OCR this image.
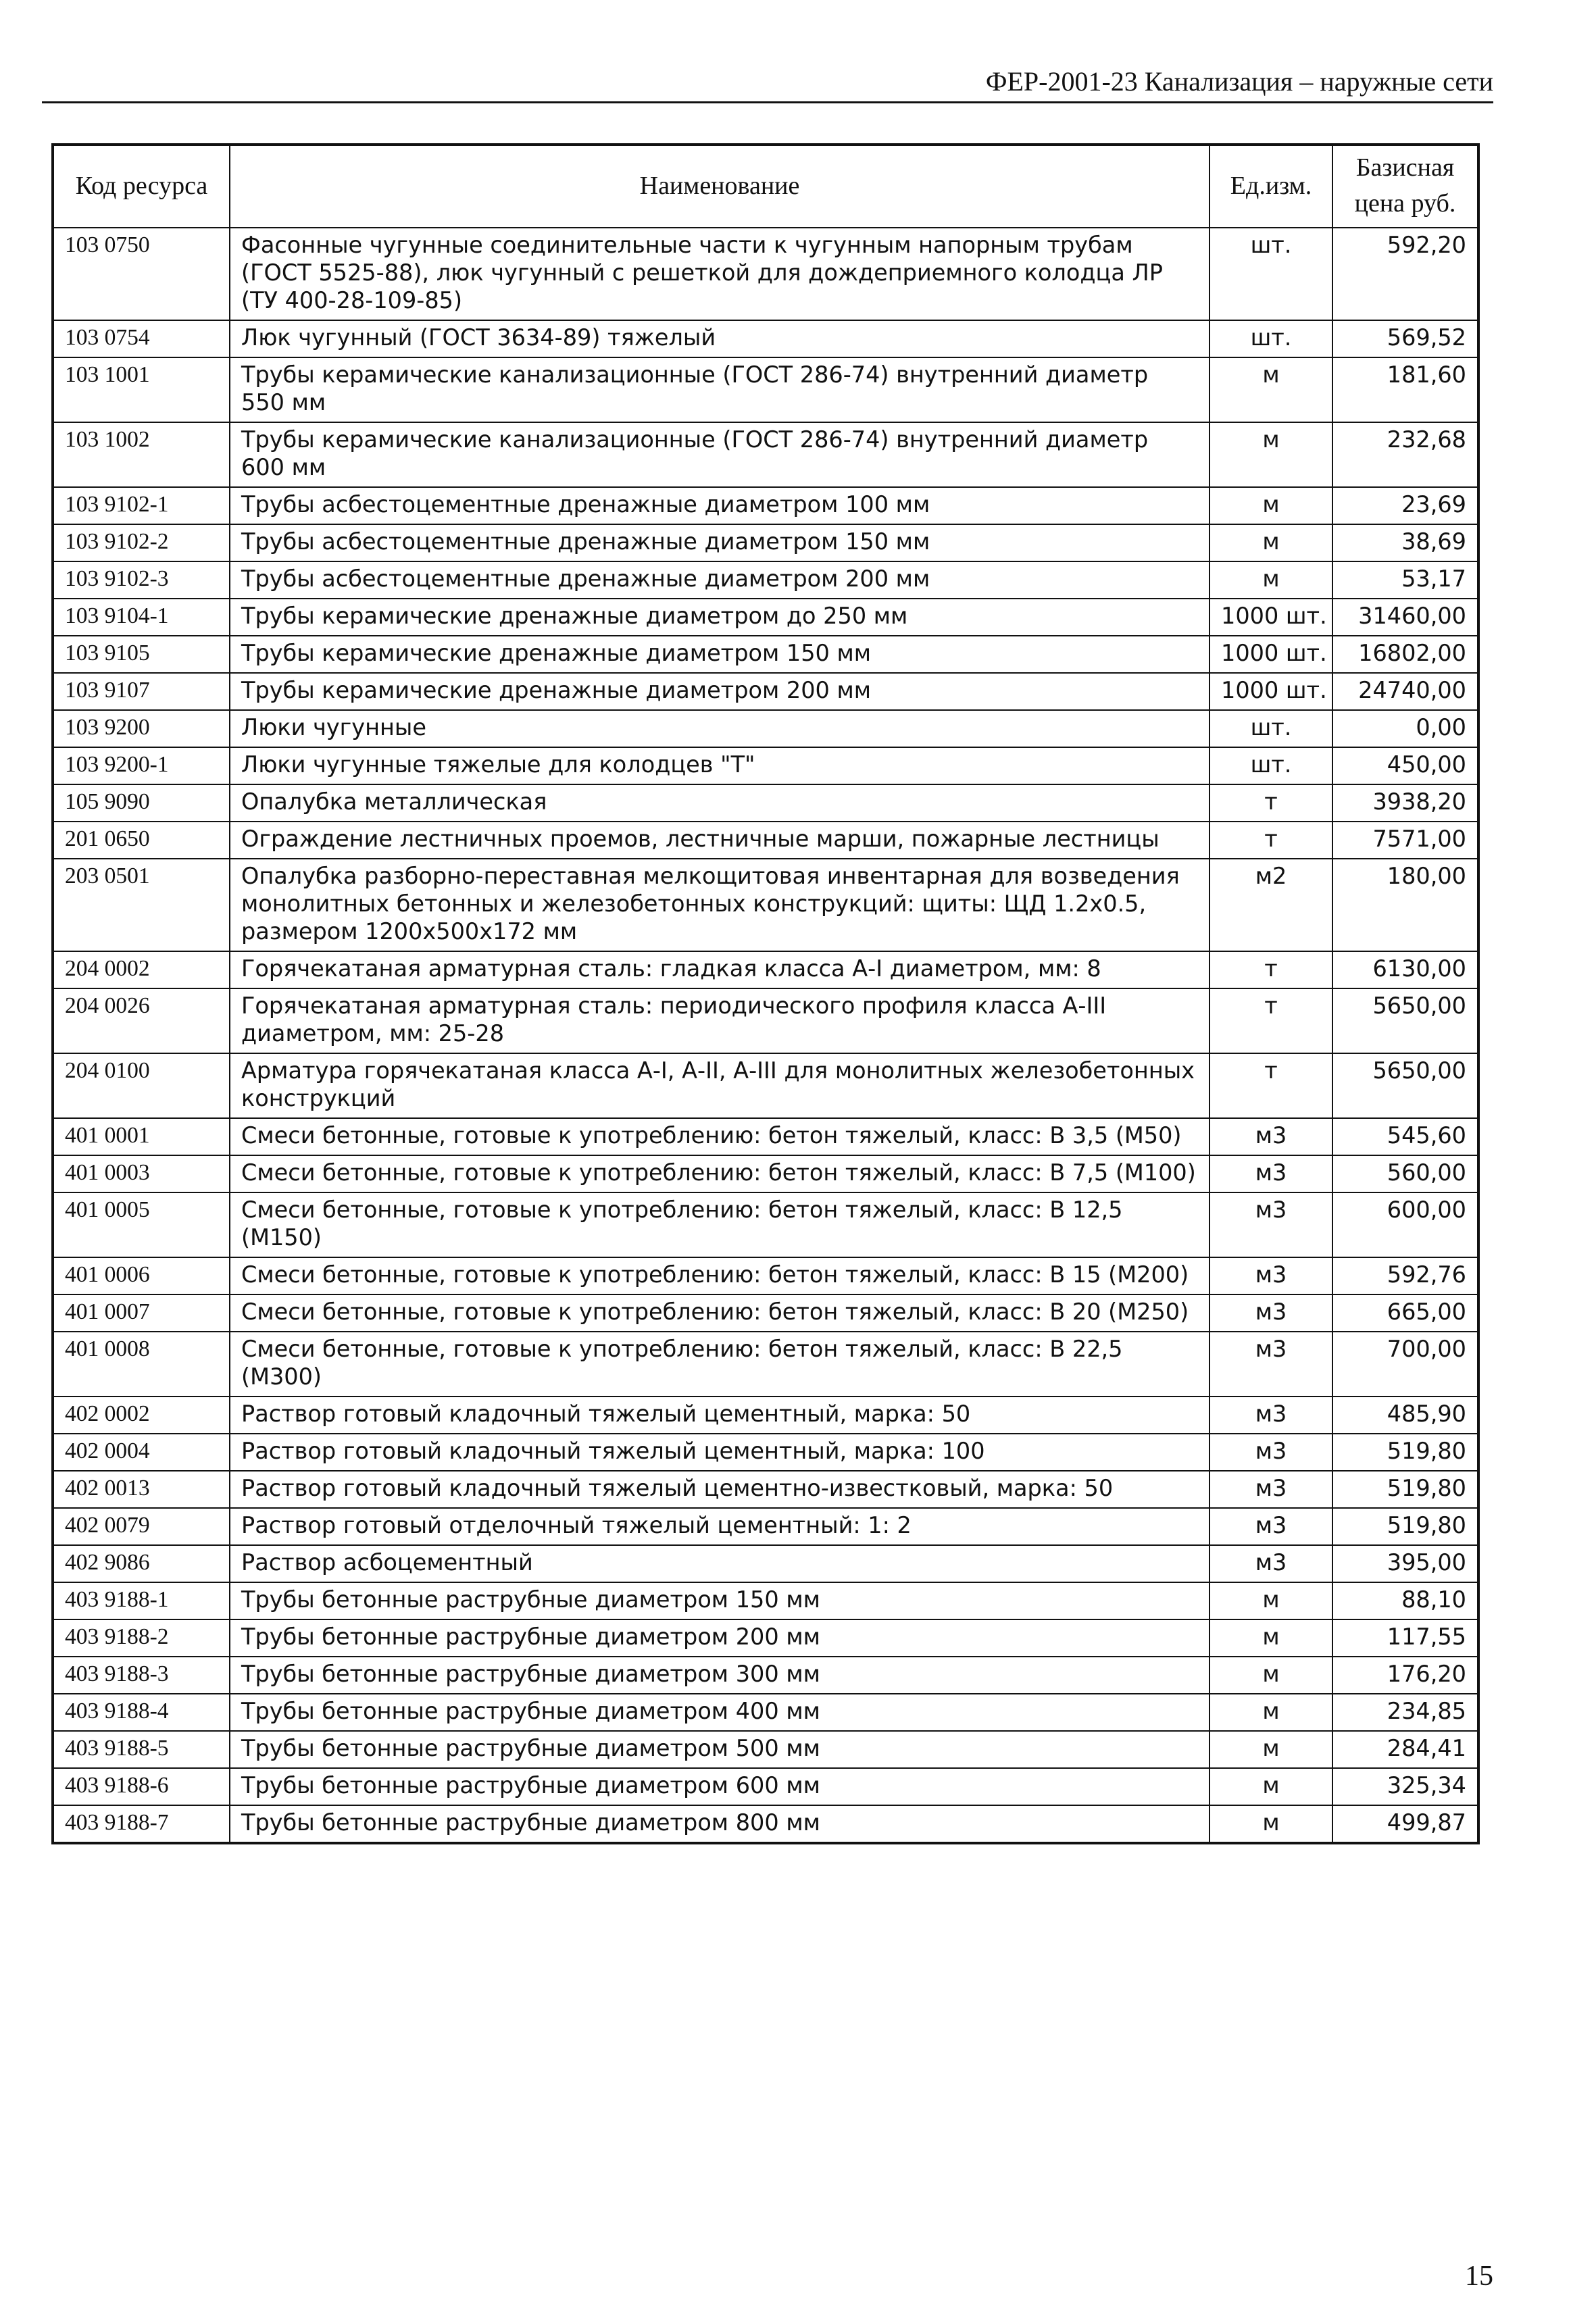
ФЕР-2001-23 Канализация – наружные сети
Код ресурса	Наименование	Ед.изм.	Базисная цена руб.
103 0750	Фасонные чугунные соединительные части к чугунным напорным трубам (ГОСТ 5525-88), люк чугунный с решеткой для дождеприемного колодца ЛР (ТУ 400-28-109-85)	шт.	592,20
103 0754	Люк чугунный (ГОСТ 3634-89) тяжелый	шт.	569,52
103 1001	Трубы керамические канализационные (ГОСТ 286-74) внутренний диаметр 550 мм	м	181,60
103 1002	Трубы керамические канализационные (ГОСТ 286-74) внутренний диаметр 600 мм	м	232,68
103 9102-1	Трубы асбестоцементные дренажные диаметром 100 мм	м	23,69
103 9102-2	Трубы асбестоцементные дренажные диаметром 150 мм	м	38,69
103 9102-3	Трубы асбестоцементные дренажные диаметром 200 мм	м	53,17
103 9104-1	Трубы керамические дренажные диаметром до 250 мм	1000 шт.	31460,00
103 9105	Трубы керамические дренажные диаметром 150 мм	1000 шт.	16802,00
103 9107	Трубы керамические дренажные диаметром 200 мм	1000 шт.	24740,00
103 9200	Люки чугунные	шт.	0,00
103 9200-1	Люки чугунные тяжелые для колодцев "Т"	шт.	450,00
105 9090	Опалубка металлическая	т	3938,20
201 0650	Ограждение лестничных проемов, лестничные марши, пожарные лестницы	т	7571,00
203 0501	Опалубка разборно-переставная мелкощитовая инвентарная для возведения монолитных бетонных и железобетонных конструкций: щиты: ЩД 1.2x0.5, размером 1200x500x172 мм	м2	180,00
204 0002	Горячекатаная арматурная сталь: гладкая класса А-I диаметром, мм: 8	т	6130,00
204 0026	Горячекатаная арматурная сталь: периодического профиля класса А-III диаметром, мм: 25-28	т	5650,00
204 0100	Арматура горячекатаная класса А-I, А-II, А-III для монолитных железобетонных конструкций	т	5650,00
401 0001	Смеси бетонные, готовые к употреблению: бетон тяжелый, класс: В 3,5 (М50)	м3	545,60
401 0003	Смеси бетонные, готовые к употреблению: бетон тяжелый, класс: В 7,5 (М100)	м3	560,00
401 0005	Смеси бетонные, готовые к употреблению: бетон тяжелый, класс: В 12,5 (М150)	м3	600,00
401 0006	Смеси бетонные, готовые к употреблению: бетон тяжелый, класс: В 15 (М200)	м3	592,76
401 0007	Смеси бетонные, готовые к употреблению: бетон тяжелый, класс: В 20 (М250)	м3	665,00
401 0008	Смеси бетонные, готовые к употреблению: бетон тяжелый, класс: В 22,5 (М300)	м3	700,00
402 0002	Раствор готовый кладочный тяжелый цементный, марка: 50	м3	485,90
402 0004	Раствор готовый кладочный тяжелый цементный, марка: 100	м3	519,80
402 0013	Раствор готовый кладочный тяжелый цементно-известковый, марка: 50	м3	519,80
402 0079	Раствор готовый отделочный тяжелый цементный: 1: 2	м3	519,80
402 9086	Раствор асбоцементный	м3	395,00
403 9188-1	Трубы бетонные раструбные диаметром 150 мм	м	88,10
403 9188-2	Трубы бетонные раструбные диаметром 200 мм	м	117,55
403 9188-3	Трубы бетонные раструбные диаметром 300 мм	м	176,20
403 9188-4	Трубы бетонные раструбные диаметром 400 мм	м	234,85
403 9188-5	Трубы бетонные раструбные диаметром 500 мм	м	284,41
403 9188-6	Трубы бетонные раструбные диаметром 600 мм	м	325,34
403 9188-7	Трубы бетонные раструбные диаметром 800 мм	м	499,87
15
